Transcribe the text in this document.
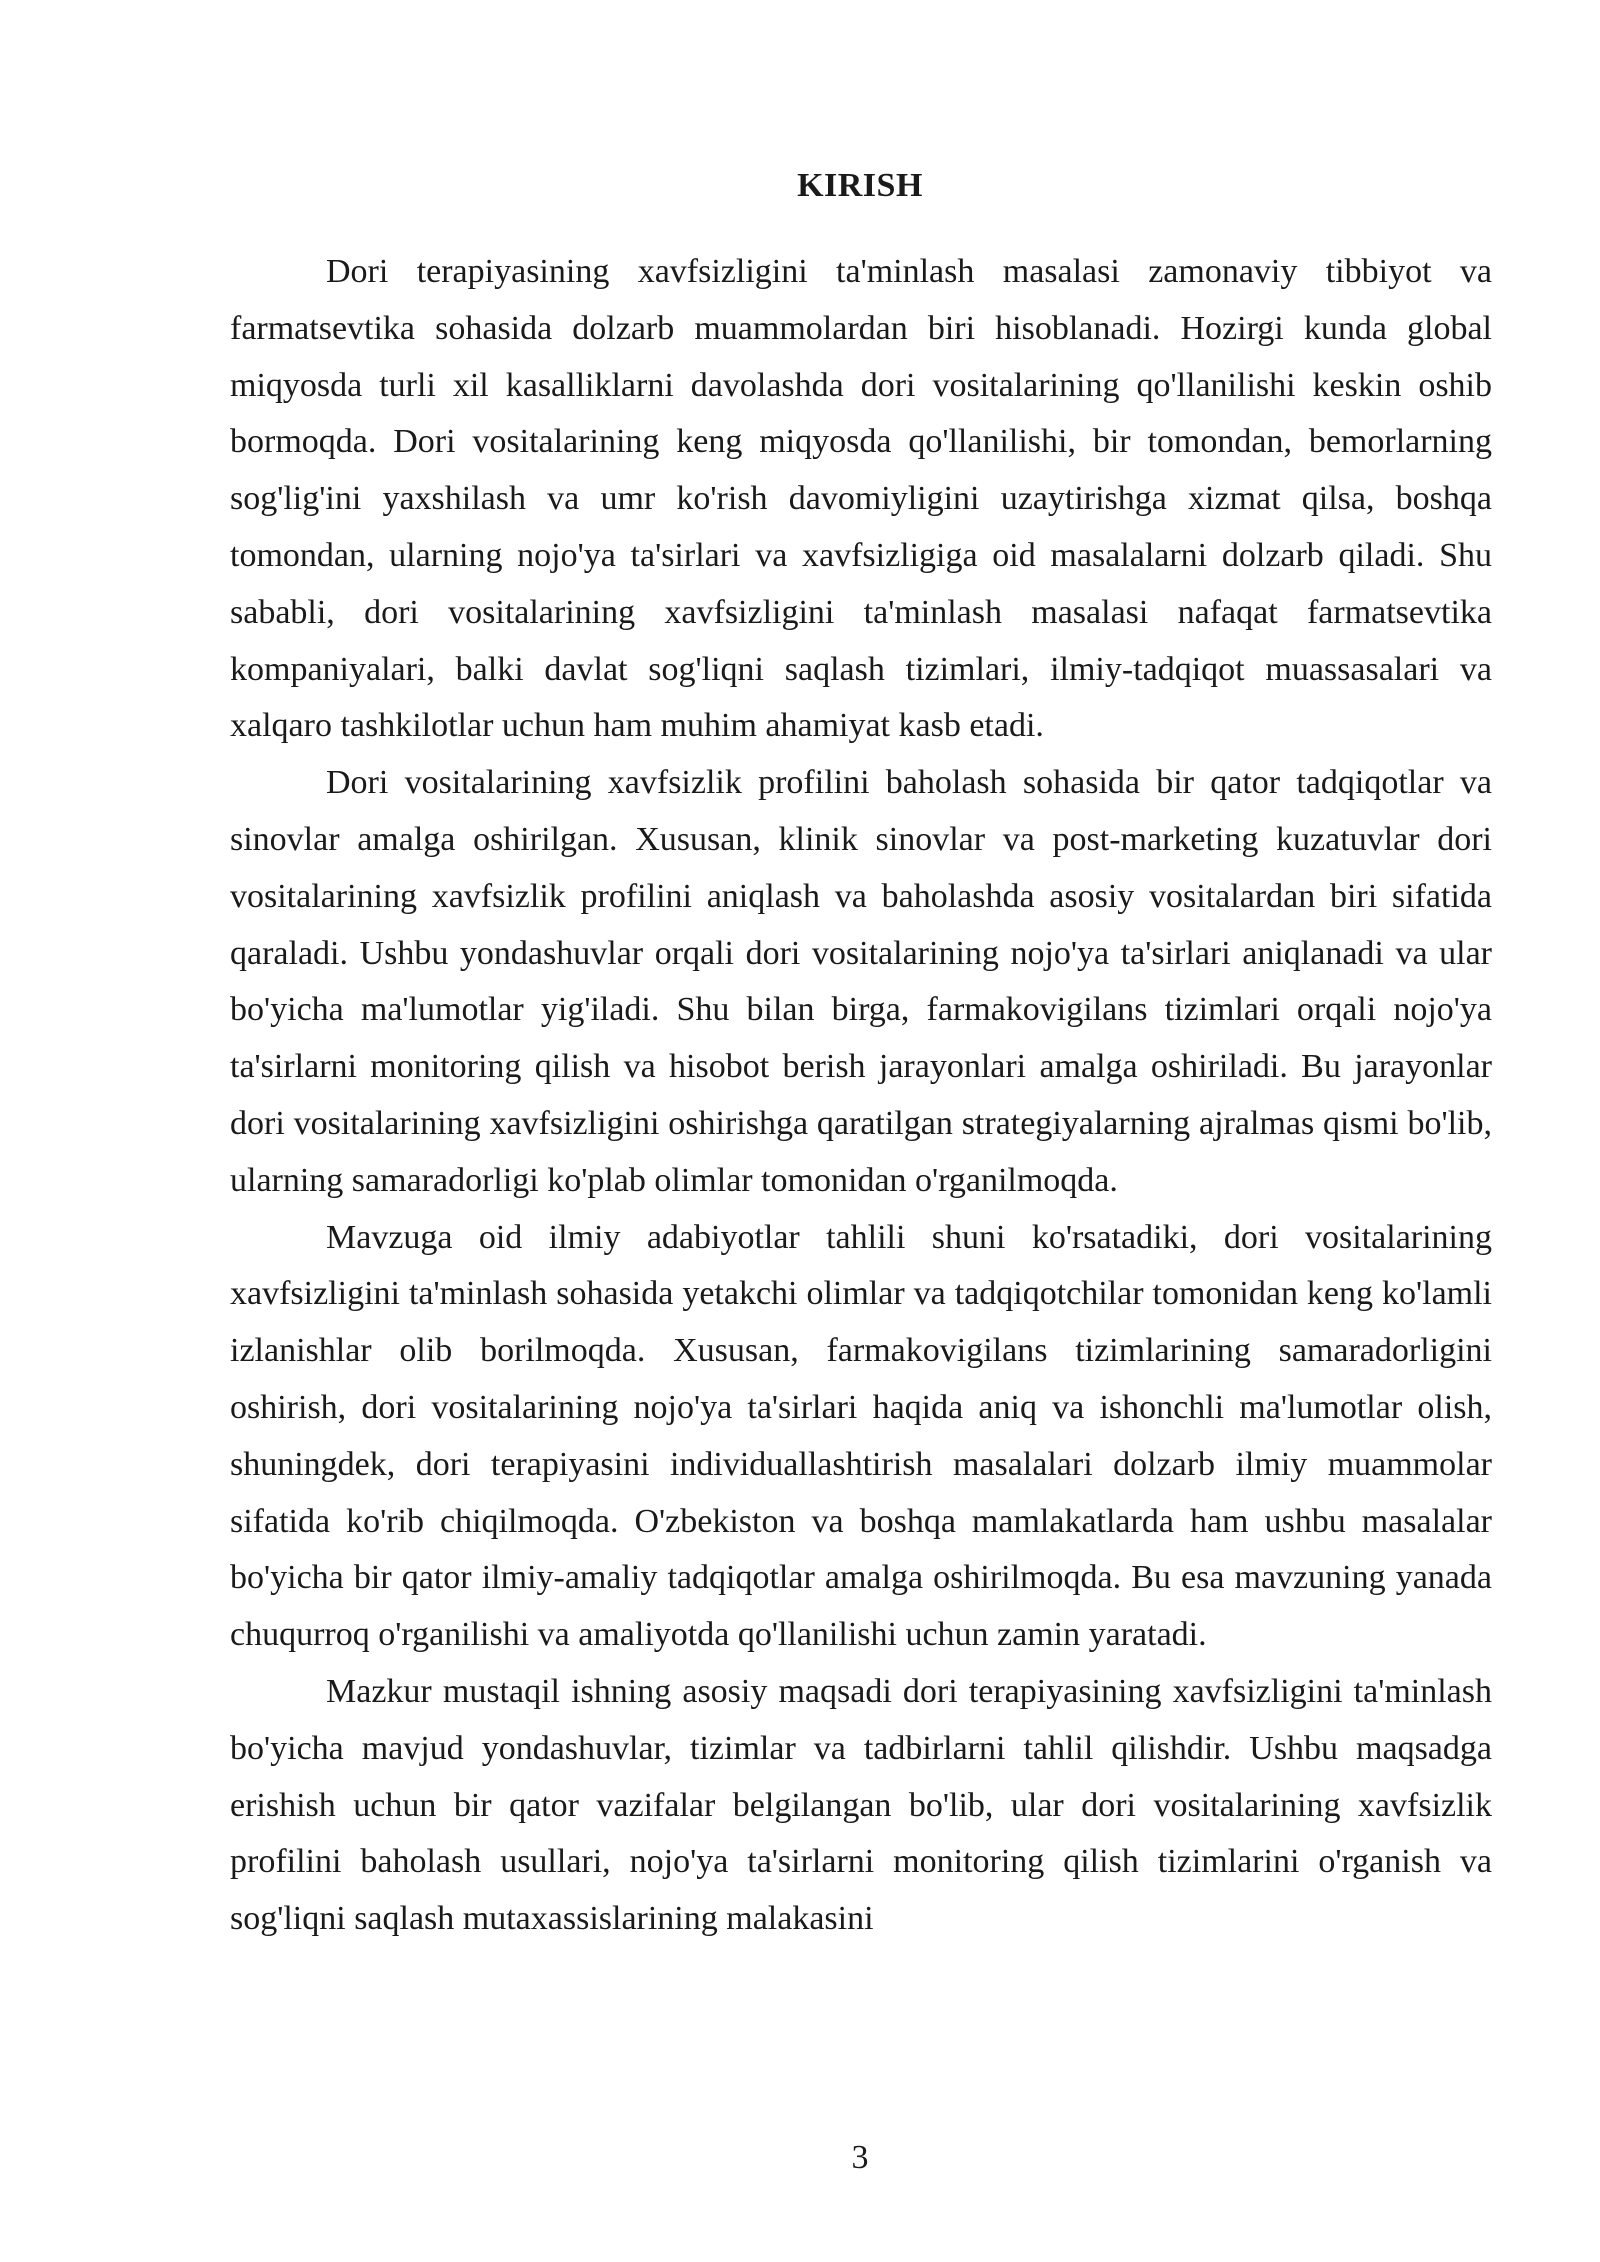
KIRISH

Dori terapiyasining xavfsizligini ta'minlash masalasi zamonaviy tibbiyot va farmatsevtika sohasida dolzarb muammolardan biri hisoblanadi. Hozirgi kunda global miqyosda turli xil kasalliklarni davolashda dori vositalarining qo'llanilishi keskin oshib bormoqda. Dori vositalarining keng miqyosda qo'llanilishi, bir tomondan, bemorlarning sog'lig'ini yaxshilash va umr ko'rish davomiyligini uzaytirishga xizmat qilsa, boshqa tomondan, ularning nojo'ya ta'sirlari va xavfsizligiga oid masalalarni dolzarb qiladi. Shu sababli, dori vositalarining xavfsizligini ta'minlash masalasi nafaqat farmatsevtika kompaniyalari, balki davlat sog'liqni saqlash tizimlari, ilmiy-tadqiqot muassasalari va xalqaro tashkilotlar uchun ham muhim ahamiyat kasb etadi.

Dori vositalarining xavfsizlik profilini baholash sohasida bir qator tadqiqotlar va sinovlar amalga oshirilgan. Xususan, klinik sinovlar va post-marketing kuzatuvlar dori vositalarining xavfsizlik profilini aniqlash va baholashda asosiy vositalardan biri sifatida qaraladi. Ushbu yondashuvlar orqali dori vositalarining nojo'ya ta'sirlari aniqlanadi va ular bo'yicha ma'lumotlar yig'iladi. Shu bilan birga, farmakovigilans tizimlari orqali nojo'ya ta'sirlarni monitoring qilish va hisobot berish jarayonlari amalga oshiriladi. Bu jarayonlar dori vositalarining xavfsizligini oshirishga qaratilgan strategiyalarning ajralmas qismi bo'lib, ularning samaradorligi ko'plab olimlar tomonidan o'rganilmoqda.

Mavzuga oid ilmiy adabiyotlar tahlili shuni ko'rsatadiki, dori vositalarining xavfsizligini ta'minlash sohasida yetakchi olimlar va tadqiqotchilar tomonidan keng ko'lamli izlanishlar olib borilmoqda. Xususan, farmakovigilans tizimlarining samaradorligini oshirish, dori vositalarining nojo'ya ta'sirlari haqida aniq va ishonchli ma'lumotlar olish, shuningdek, dori terapiyasini individuallashtirish masalalari dolzarb ilmiy muammolar sifatida ko'rib chiqilmoqda. O'zbekiston va boshqa mamlakatlarda ham ushbu masalalar bo'yicha bir qator ilmiy-amaliy tadqiqotlar amalga oshirilmoqda. Bu esa mavzuning yanada chuqurroq o'rganilishi va amaliyotda qo'llanilishi uchun zamin yaratadi.

Mazkur mustaqil ishning asosiy maqsadi dori terapiyasining xavfsizligini ta'minlash bo'yicha mavjud yondashuvlar, tizimlar va tadbirlarni tahlil qilishdir. Ushbu maqsadga erishish uchun bir qator vazifalar belgilangan bo'lib, ular dori vositalarining xavfsizlik profilini baholash usullari, nojo'ya ta'sirlarni monitoring qilish tizimlarini o'rganish va sog'liqni saqlash mutaxassislarining malakasini

3
